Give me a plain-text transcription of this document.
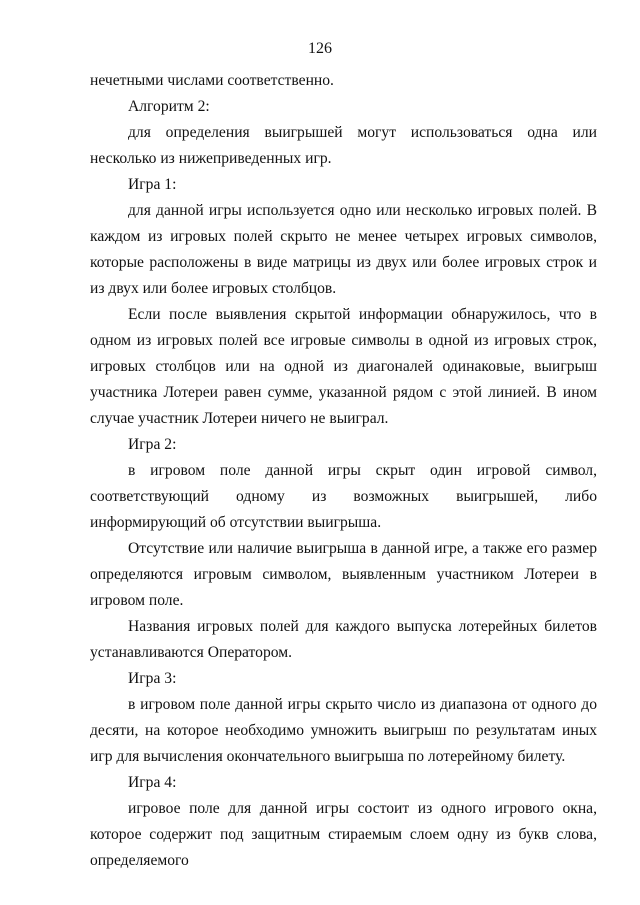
126

нечетными числами соответственно.

Алгоритм 2:

для определения выигрышей могут использоваться одна или несколько из нижеприведенных игр.

Игра 1:

для данной игры используется одно или несколько игровых полей. В каждом из игровых полей скрыто не менее четырех игровых символов, которые расположены в виде матрицы из двух или более игровых строк и из двух или более игровых столбцов.

Если после выявления скрытой информации обнаружилось, что в одном из игровых полей все игровые символы в одной из игровых строк, игровых столбцов или на одной из диагоналей одинаковые, выигрыш участника Лотереи равен сумме, указанной рядом с этой линией. В ином случае участник Лотереи ничего не выиграл.

Игра 2:

в игровом поле данной игры скрыт один игровой символ, соответствующий одному из возможных выигрышей, либо информирующий об отсутствии выигрыша.

Отсутствие или наличие выигрыша в данной игре, а также его размер определяются игровым символом, выявленным участником Лотереи в игровом поле.

Названия игровых полей для каждого выпуска лотерейных билетов устанавливаются Оператором.

Игра 3:

в игровом поле данной игры скрыто число из диапазона от одного до десяти, на которое необходимо умножить выигрыш по результатам иных игр для вычисления окончательного выигрыша по лотерейному билету.

Игра 4:

игровое поле для данной игры состоит из одного игрового окна, которое содержит под защитным стираемым слоем одну из букв слова, определяемого
